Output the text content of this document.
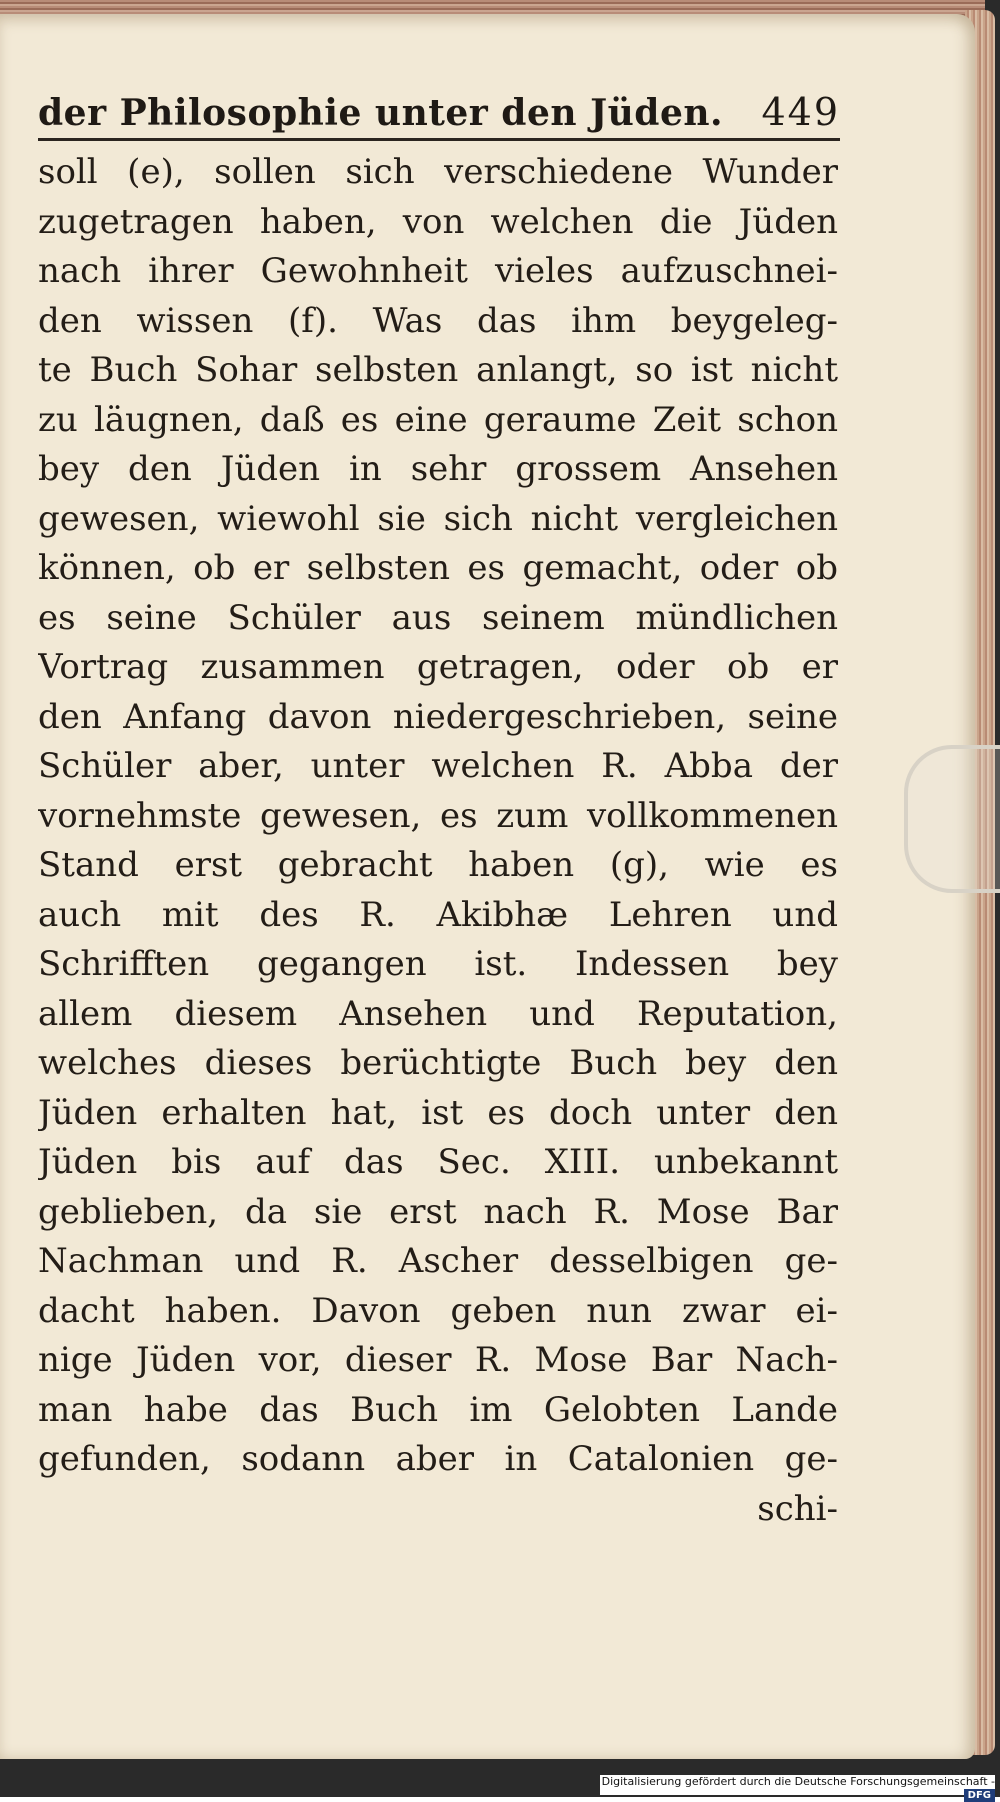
der Philosophie unter den Jüden. 449
soll (e), sollen sich verschiedene Wunder
zugetragen haben, von welchen die Jüden
nach ihrer Gewohnheit vieles aufzuschnei-
den wissen (f). Was das ihm beygeleg-
te Buch Sohar selbsten anlangt, so ist nicht
zu läugnen, daß es eine geraume Zeit schon
bey den Jüden in sehr grossem Ansehen
gewesen, wiewohl sie sich nicht vergleichen
können, ob er selbsten es gemacht, oder ob
es seine Schüler aus seinem mündlichen
Vortrag zusammen getragen, oder ob er
den Anfang davon niedergeschrieben, seine
Schüler aber, unter welchen R. Abba der
vornehmste gewesen, es zum vollkommenen
Stand erst gebracht haben (g), wie es
auch mit des R. Akibhæ Lehren und
Schrifften gegangen ist. Indessen bey
allem diesem Ansehen und Reputation,
welches dieses berüchtigte Buch bey den
Jüden erhalten hat, ist es doch unter den
Jüden bis auf das Sec. XIII. unbekannt
geblieben, da sie erst nach R. Mose Bar
Nachman und R. Ascher desselbigen ge-
dacht haben. Davon geben nun zwar ei-
nige Jüden vor, dieser R. Mose Bar Nach-
man habe das Buch im Gelobten Lande
gefunden, sodann aber in Catalonien ge-
schi-
Digitalisierung gefördert durch die Deutsche Forschungsgemeinschaft -DFG
